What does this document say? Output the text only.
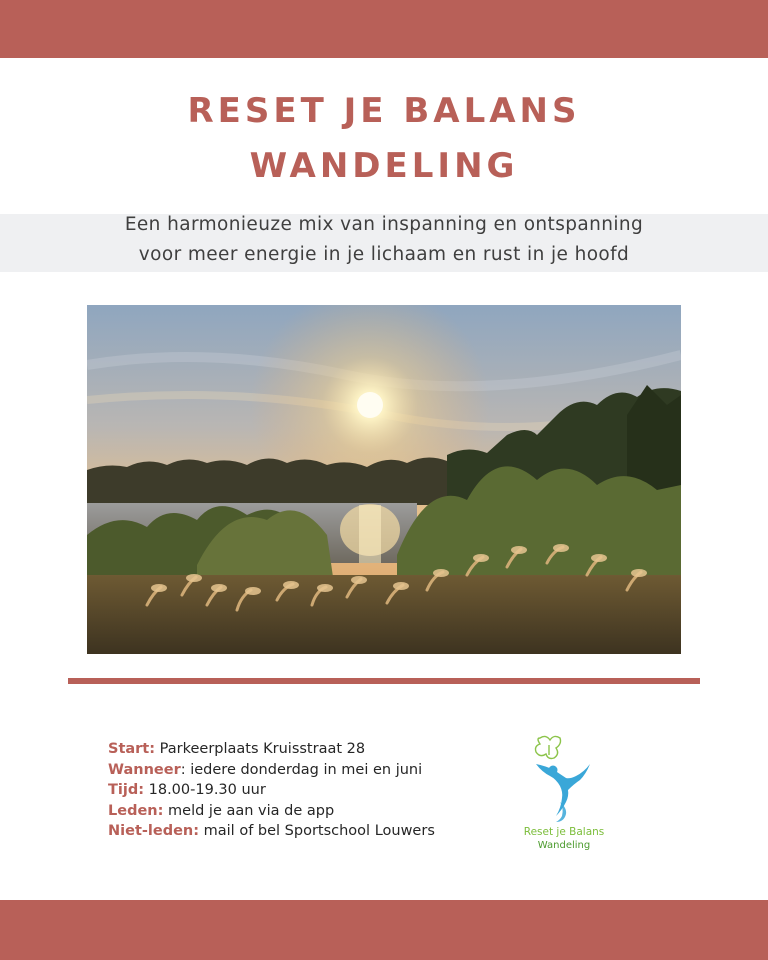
RESET JE BALANS
WANDELING
Een harmonieuze mix van inspanning en ontspanning
voor meer energie in je lichaam en rust in je hoofd
Start: Parkeerplaats Kruisstraat 28
Wanneer: iedere donderdag in mei en juni
Tijd: 18.00-19.30 uur
Leden: meld je aan via de app
Niet-leden: mail of bel Sportschool Louwers	Reset je Balans
Wandeling
